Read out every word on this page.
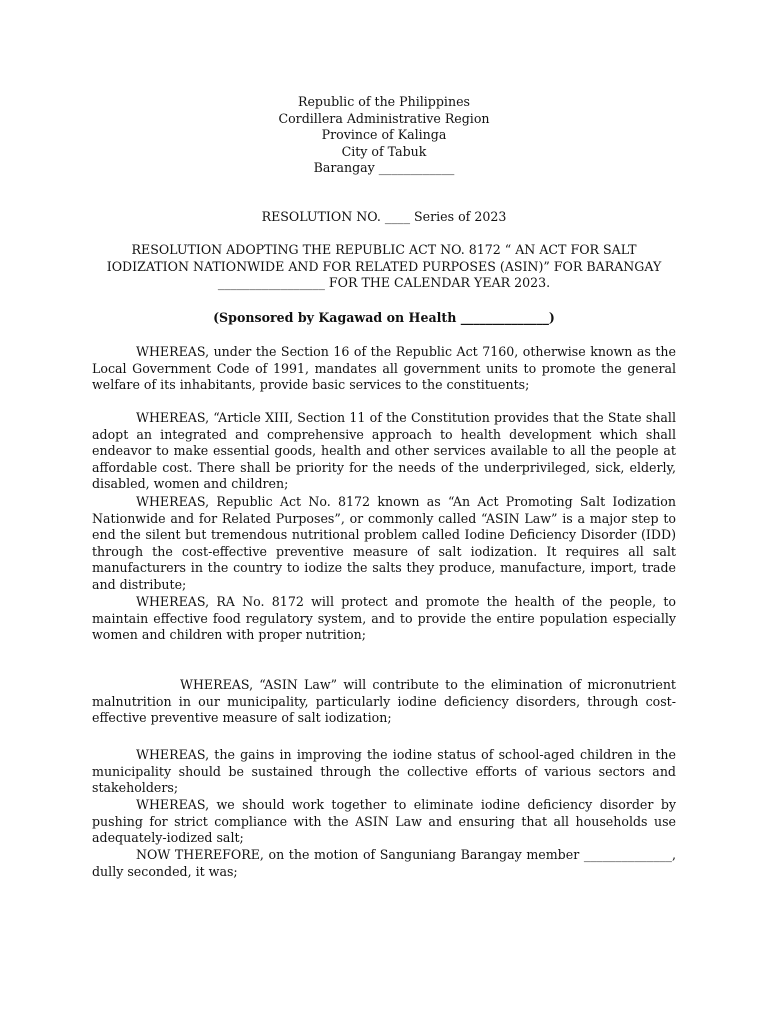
Republic of the Philippines
Cordillera Administrative Region
Province of Kalinga
City of Tabuk
Barangay ____________
RESOLUTION NO. ____ Series of 2023
RESOLUTION ADOPTING THE REPUBLIC ACT NO. 8172 “ AN ACT FOR SALT IODIZATION NATIONWIDE AND FOR RELATED PURPOSES (ASIN)” FOR BARANGAY _________________ FOR THE CALENDAR YEAR 2023.
(Sponsored by Kagawad on Health ______________)

WHEREAS, under the Section 16 of the Republic Act 7160, otherwise known as the Local Government Code of 1991, mandates all government units to promote the general welfare of its inhabitants, provide basic services to the constituents;

WHEREAS, “Article XIII, Section 11 of the Constitution provides that the State shall adopt an integrated and comprehensive approach to health development which shall endeavor to make essential goods, health and other services available to all the people at affordable cost. There shall be priority for the needs of the underprivileged, sick, elderly, disabled, women and children;

WHEREAS, Republic Act No. 8172 known as “An Act Promoting Salt Iodization Nationwide and for Related Purposes”, or commonly called “ASIN Law” is a major step to end the silent but tremendous nutritional problem called Iodine Deficiency Disorder (IDD) through the cost-effective preventive measure of salt iodization. It requires all salt manufacturers in the country to iodize the salts they produce, manufacture, import, trade and distribute;

WHEREAS, RA No. 8172 will protect and promote the health of the people, to maintain effective food regulatory system, and to provide the entire population especially women and children with proper nutrition;

WHEREAS, “ASIN Law” will contribute to the elimination of micronutrient malnutrition in our municipality, particularly iodine deficiency disorders, through cost-effective preventive measure of salt iodization;

WHEREAS, the gains in improving the iodine status of school-aged children in the municipality should be sustained through the collective efforts of various sectors and stakeholders;

WHEREAS, we should work together to eliminate iodine deficiency disorder by pushing for strict compliance with the ASIN Law and ensuring that all households use adequately-iodized salt;

NOW THEREFORE, on the motion of Sanguniang Barangay member ______________, dully seconded, it was;
